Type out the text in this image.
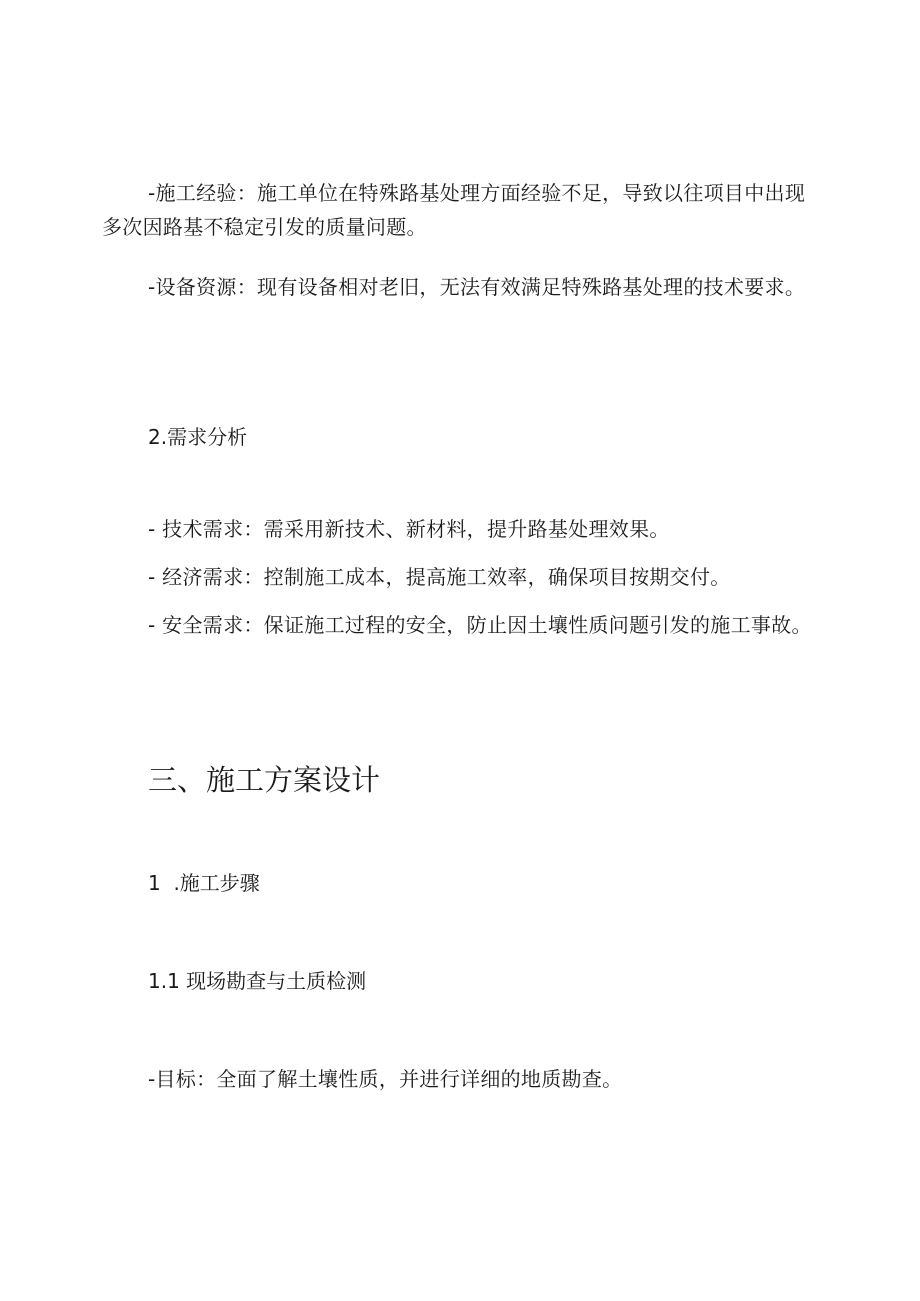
-施工经验：施工单位在特殊路基处理方面经验不足，导致以往项目中出现多次因路基不稳定引发的质量问题。

-设备资源：现有设备相对老旧，无法有效满足特殊路基处理的技术要求。

2.需求分析

- 技术需求：需采用新技术、新材料，提升路基处理效果。

- 经济需求：控制施工成本，提高施工效率，确保项目按期交付。

- 安全需求：保证施工过程的安全，防止因土壤性质问题引发的施工事故。

三、施工方案设计

1  .施工步骤

1.1 现场勘查与土质检测

-目标：全面了解土壤性质，并进行详细的地质勘查。
